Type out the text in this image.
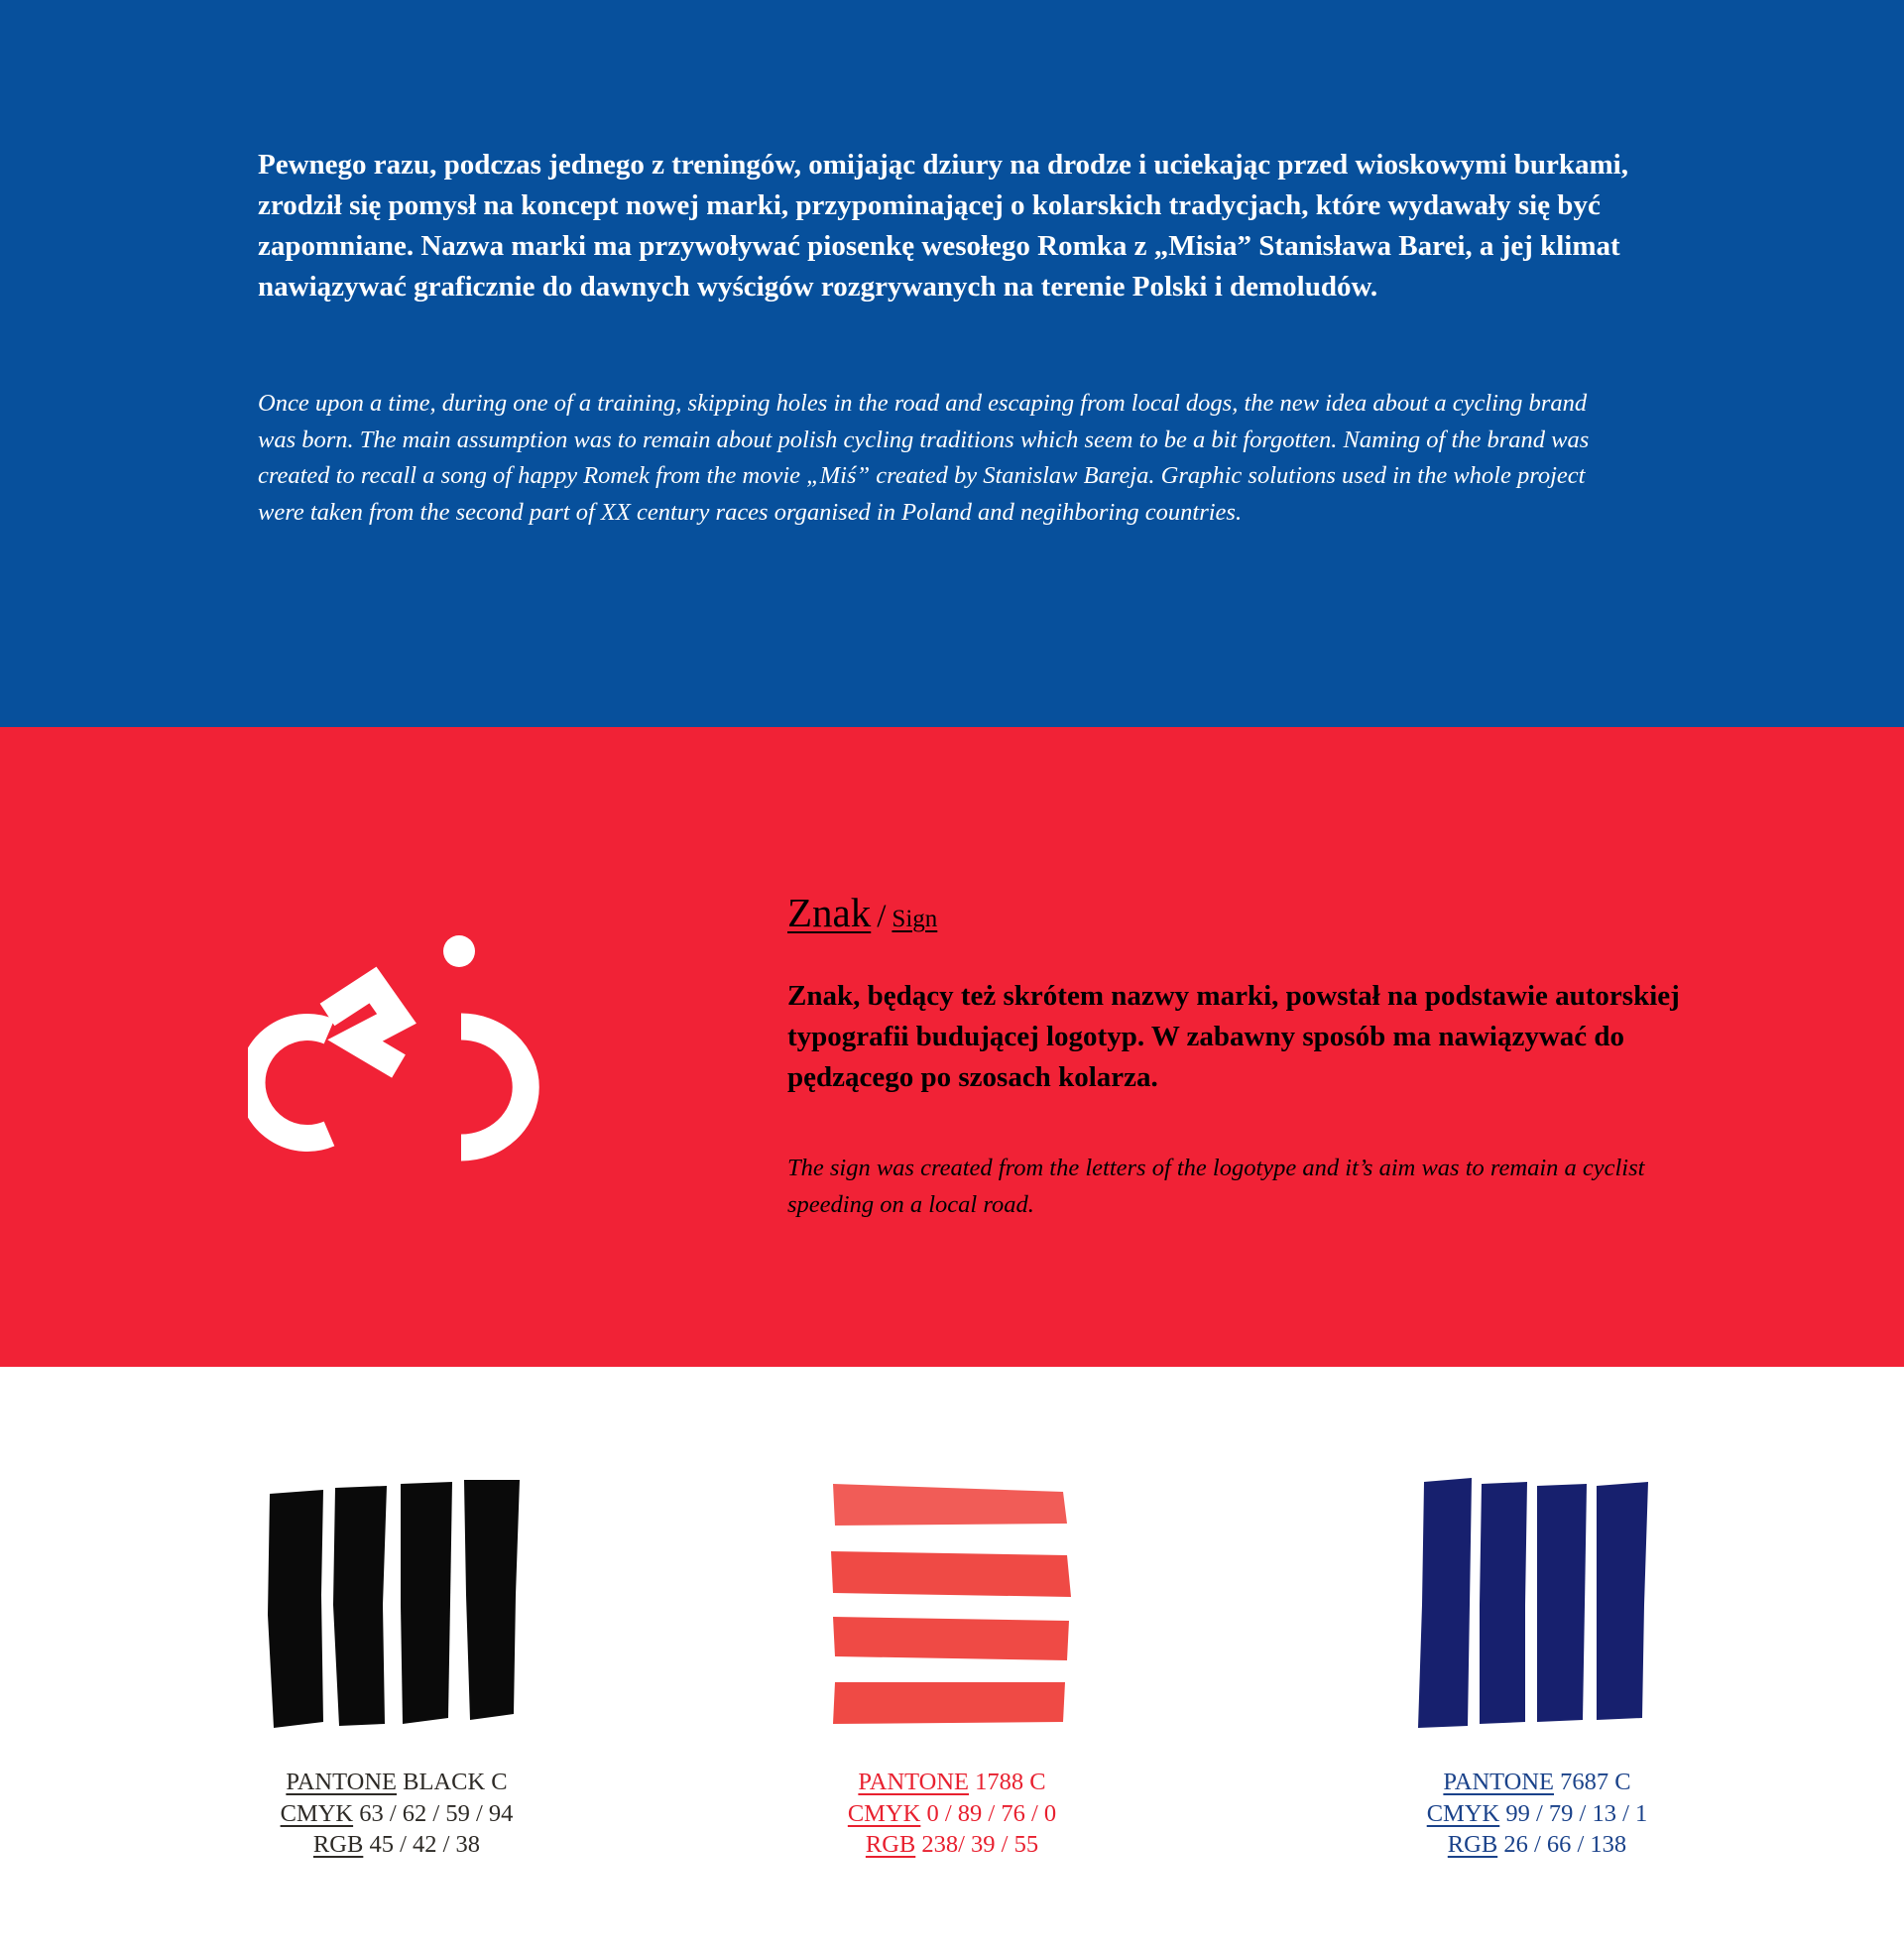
Pewnego razu, podczas jednego z treningów, omijając dziury na drodze i uciekając przed wioskowymi burkami, zrodził się pomysł na koncept nowej marki, przypominającej o kolarskich tradycjach, które wydawały się być zapomniane. Nazwa marki ma przywoływać piosenkę wesołego Romka z „Misia” Stanisława Barei, a jej klimat nawiązywać graficznie do dawnych wyścigów rozgrywanych na terenie Polski i demoludów.

Once upon a time, during one of a training, skipping holes in the road and escaping from local dogs, the new idea about a cycling brand was born. The main assumption was to remain about polish cycling traditions which seem to be a bit forgotten. Naming of the brand was created to recall a song of happy Romek from the movie „Miś” created by Stanislaw Bareja. Graphic solutions used in the whole project were taken from the second part of XX century races organised in Poland and negihboring countries.

Znak / Sign

Znak, będący też skrótem nazwy marki, powstał na podstawie autorskiej typografii budującej logotyp. W zabawny sposób ma nawiązywać do pędzącego po szosach kolarza.

The sign was created from the letters of the logotype and it’s aim was to remain a cyclist speeding on a local road.

PANTONE BLACK C
CMYK 63 / 62 / 59 / 94
RGB 45 / 42 / 38
PANTONE 1788 C
CMYK 0 / 89 / 76 / 0
RGB 238/ 39 / 55
PANTONE 7687 C
CMYK 99 / 79 / 13 / 1
RGB 26 / 66 / 138
